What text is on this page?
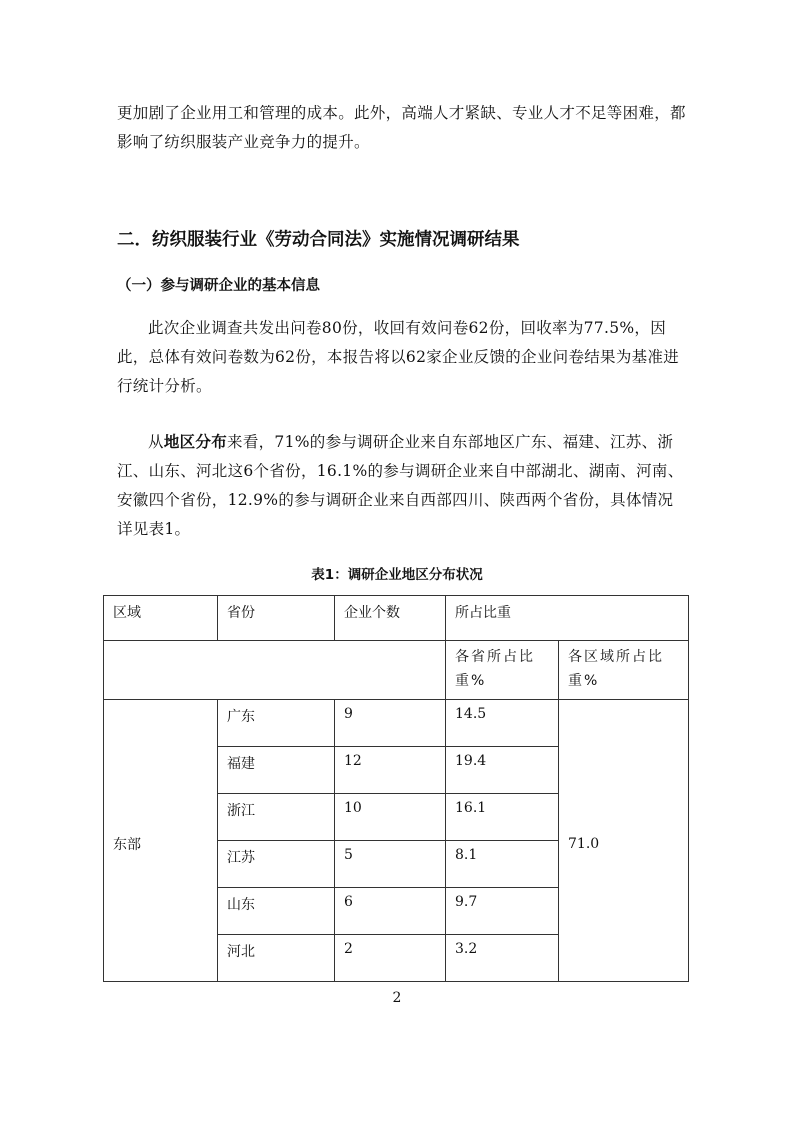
更加剧了企业用工和管理的成本。此外，高端人才紧缺、专业人才不足等困难，都影响了纺织服装产业竞争力的提升。

二．纺织服装行业《劳动合同法》实施情况调研结果
（一）参与调研企业的基本信息

此次企业调查共发出问卷80份，收回有效问卷62份，回收率为77.5%，因此，总体有效问卷数为62份，本报告将以62家企业反馈的企业问卷结果为基准进行统计分析。

从地区分布来看，71%的参与调研企业来自东部地区广东、福建、江苏、浙江、山东、河北这6个省份，16.1%的参与调研企业来自中部湖北、湖南、河南、安徽四个省份，12.9%的参与调研企业来自西部四川、陕西两个省份，具体情况详见表1。

表1：调研企业地区分布状况

区域	省份	企业个数	所占比重	
			各省所占比重%	各区域所占比重%
东部	广东	9	14.5	71.0
	福建	12	19.4	
	浙江	10	16.1	
	江苏	5	8.1	
	山东	6	9.7	
	河北	2	3.2	

2
